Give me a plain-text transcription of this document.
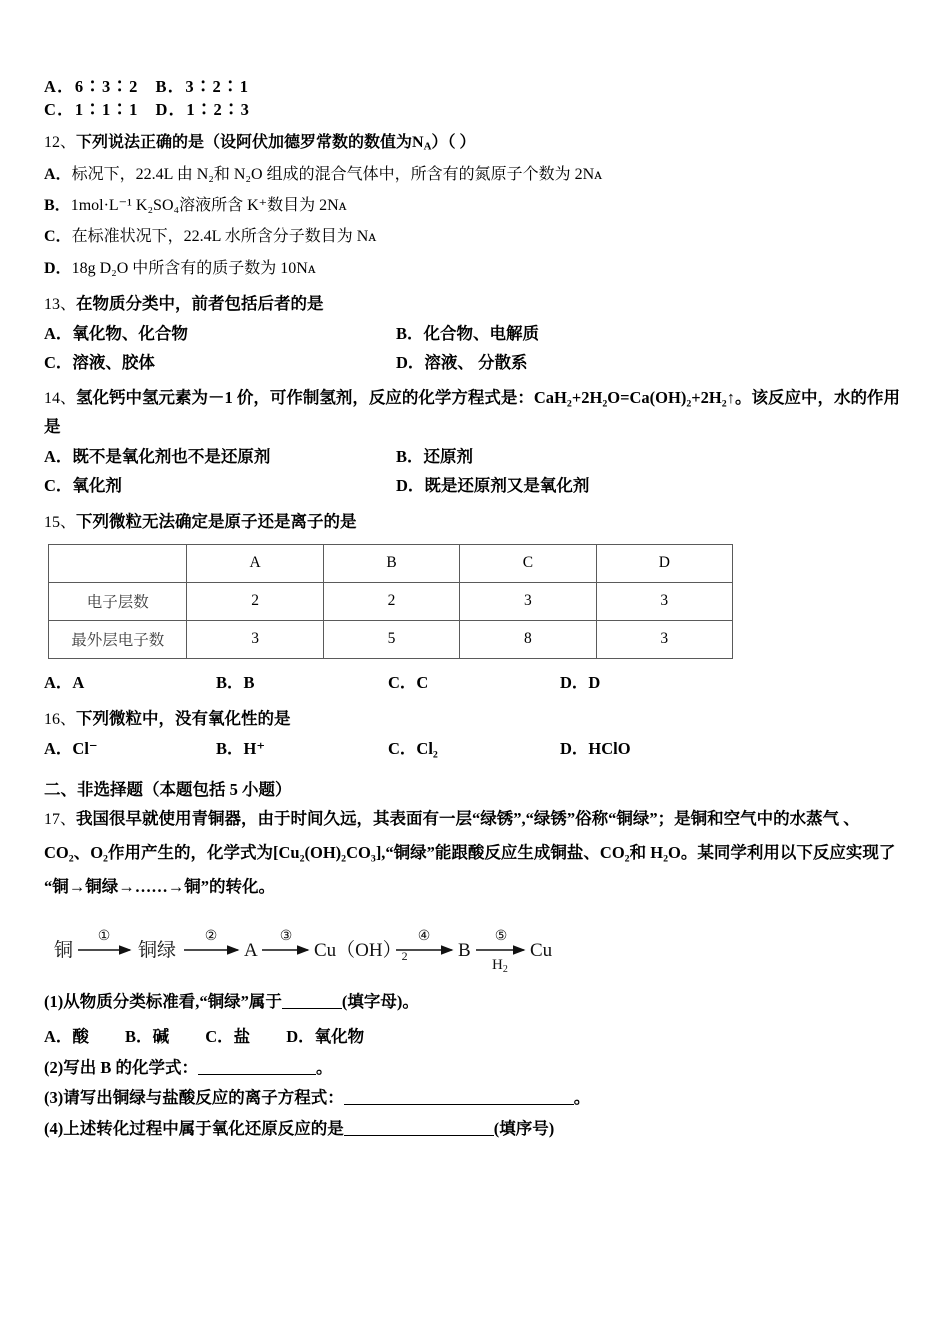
A．6∶3∶2 B．3∶2∶1
C．1∶1∶1 D．1∶2∶3
12、下列说法正确的是（设阿伏加德罗常数的数值为$N_A$）（ ）
A．标况下，22.4L 由 N₂和 N₂O 组成的混合气体中，所含有的氮原子个数为 2Nᴀ
B．1mol·L⁻¹ K₂SO₄溶液所含 K⁺数目为 2Nᴀ
C．在标准状况下，22.4L 水所含分子数目为 Nᴀ
D．18g D₂O 中所含有的质子数为 10Nᴀ
13、在物质分类中，前者包括后者的是
A．氧化物、化合物	B．化合物、电解质
C．溶液、胶体	D．溶液、 分散系
14、氢化钙中氢元素为－1 价，可作制氢剂，反应的化学方程式是：CaH₂+2H₂O=Ca(OH)₂+2H₂↑。该反应中，水的作用
是
A．既不是氧化剂也不是还原剂	B．还原剂
C．氧化剂	D．既是还原剂又是氧化剂
15、下列微粒无法确定是原子还是离子的是
	A	B	C	D
电子层数	2	2	3	3
最外层电子数	3	5	8	3
A．A	B．B	C．C	D．D
16、下列微粒中，没有氧化性的是
A．Cl⁻	B．H⁺	C．Cl₂	D．HClO
二、非选择题（本题包括 5 小题）
17、我国很早就使用青铜器，由于时间久远，其表面有一层“绿锈”,“绿锈”俗称“铜绿”；是铜和空气中的水蒸气 、
CO₂、O₂作用产生的，化学式为[Cu₂(OH)₂CO₃],“铜绿”能跟酸反应生成铜盐、CO₂和 H₂O。某同学利用以下反应实现了
“铜→铜绿→……→铜”的转化。
铜
①
铜绿
②
A
③
$Cu(OH)_2$
④
B
⑤
$H_2$
Cu
(1)从物质分类标准看,“铜绿”属于	(填字母)。
A．酸 B．碱 C．盐 D．氧化物
(2)写出 B 的化学式：	。
(3)请写出铜绿与盐酸反应的离子方程式：	。
(4)上述转化过程中属于氧化还原反应的是	(填序号)
